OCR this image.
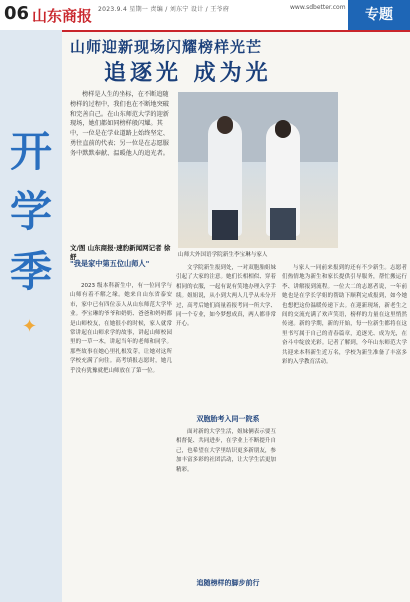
06 山东商报 2023.9.4 星期一 责编 / 刘东宁 设计 / 王爷府	www.sdbetter.com	专题
开
学
季
✦
山师迎新现场闪耀榜样光芒
追逐光 成为光
榜样是人生的坐标，在不断追随榜样的过程中，我们也在不断地突破和完善自己。在山东师范大学的迎新现场，她们都如同榜样般闪耀。其中，一位是在学业道路上始终坚定、勇往直前的代表；另一位是在志愿服务中默默奉献、温暖他人的追光者。
文/图 山东商报·速豹新闻网记者 徐舒	山师大外国语学院新生李宝琳与家人
"我是家中第五位山师人"
2023 级本科新生中，有一位同学与山师有着不解之缘。她来自山东省泰安市，家中已有四位亲人从山东师范大学毕业。李宝琳的爷爷和奶奶、爸爸和妈妈都是山师校友，在她很小的时候，家人就常常讲起在山师求学的故事，讲起山师校园里的一草一木，讲起当年的老师和同学。那些故事在她心里扎根发芽，让她对这所学校充满了向往。高考填报志愿时，她几乎没有犹豫就把山师放在了第一位。
文学院新生报到处，一对双胞胎姐妹引起了大家的注意。她们长相相似、穿着相同的衣服，一起有说有笑地办理入学手续。姐姐说，从小到大两人几乎从未分开过，高考后她们商量着报考同一所大学、同一个专业，如今梦想成真，两人都非常开心。
双胞胎考入同一院系
面对新的大学生活，姐妹俩表示要互相督促、共同进步，在学业上不断提升自己，也希望在大学里结识更多新朋友，参加丰富多彩的社团活动，让大学生活更加精彩。
追随榜样的脚步前行
与家人一同前来报到的还有不少新生。志愿者们热情地为新生和家长提供引导服务，帮忙搬运行李、讲解报到流程。一位大二的志愿者说，一年前她也是在学长学姐的帮助下顺利完成报到，如今她也想把这份温暖传递下去。在迎新现场，新老生之间的交流充满了欢声笑语，榜样的力量在这里悄然传递。新的学期，新的开始，每一位新生都将在这里书写属于自己的青春篇章，追逐光、成为光，在奋斗中绽放光彩。记者了解到，今年山东师范大学共迎来本科新生近万名，学校为新生准备了丰富多彩的入学教育活动。
